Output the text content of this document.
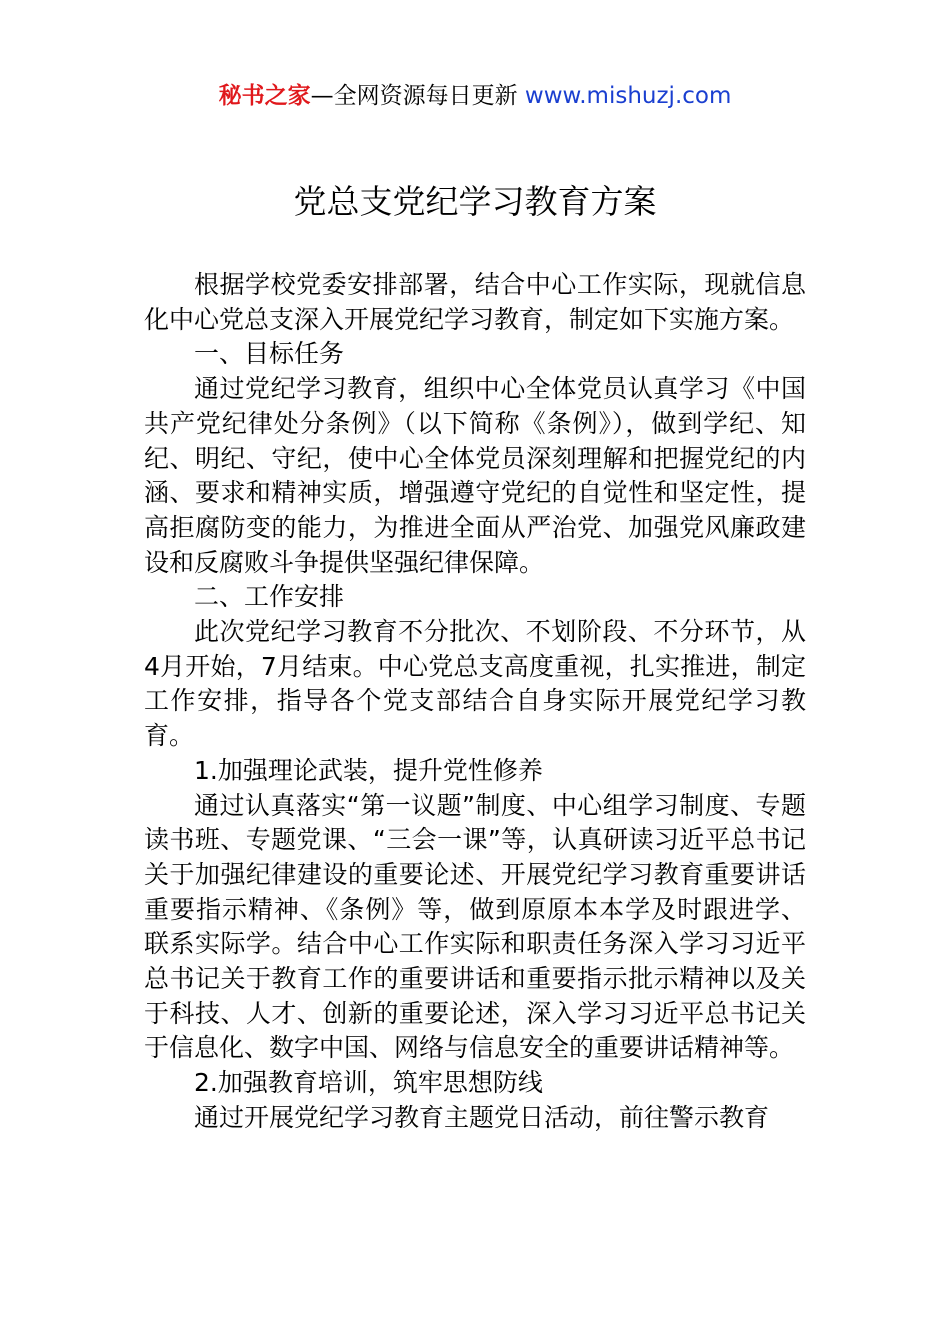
秘书之家—全网资源每日更新 www.mishuzj.com
党总支党纪学习教育方案

根据学校党委安排部署，结合中心工作实际，现就信息化中心党总支深入开展党纪学习教育，制定如下实施方案。

一、目标任务

通过党纪学习教育，组织中心全体党员认真学习《中国共产党纪律处分条例》（以下简称《条例》），做到学纪、知纪、明纪、守纪，使中心全体党员深刻理解和把握党纪的内涵、要求和精神实质，增强遵守党纪的自觉性和坚定性，提高拒腐防变的能力，为推进全面从严治党、加强党风廉政建设和反腐败斗争提供坚强纪律保障。

二、工作安排

此次党纪学习教育不分批次、不划阶段、不分环节，从4月开始，7月结束。中心党总支高度重视，扎实推进，制定工作安排，指导各个党支部结合自身实际开展党纪学习教育。

1.加强理论武装，提升党性修养

通过认真落实“第一议题”制度、中心组学习制度、专题读书班、专题党课、“三会一课”等，认真研读习近平总书记关于加强纪律建设的重要论述、开展党纪学习教育重要讲话重要指示精神、《条例》等，做到原原本本学及时跟进学、联系实际学。结合中心工作实际和职责任务深入学习习近平总书记关于教育工作的重要讲话和重要指示批示精神以及关于科技、人才、创新的重要论述，深入学习习近平总书记关于信息化、数字中国、网络与信息安全的重要讲话精神等。

2.加强教育培训，筑牢思想防线

通过开展党纪学习教育主题党日活动，前往警示教育
